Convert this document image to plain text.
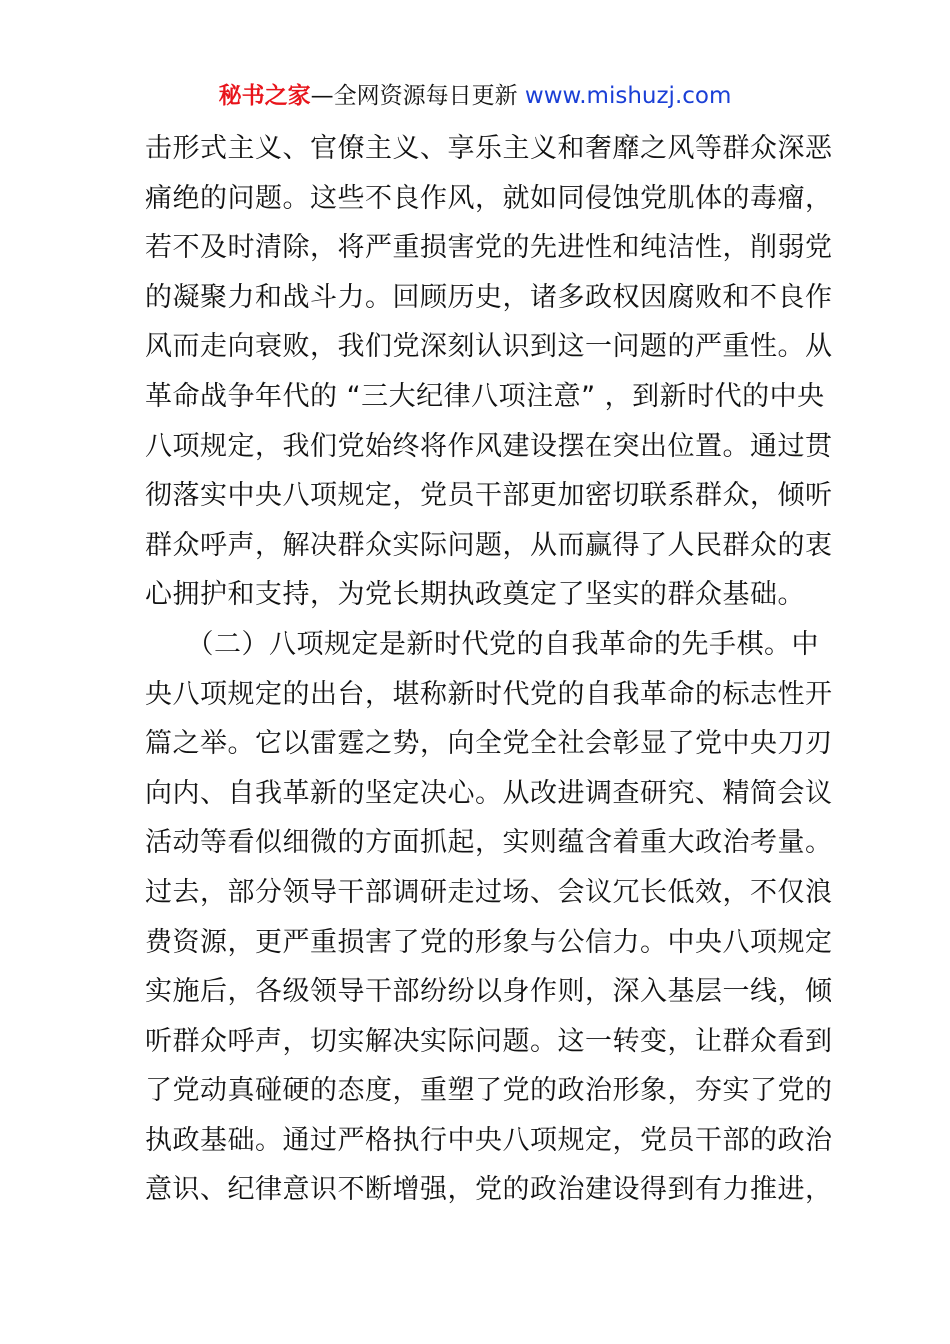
秘书之家—全网资源每日更新 www.mishuzj.com
击形式主义、官僚主义、享乐主义和奢靡之风等群众深恶
痛绝的问题。这些不良作风，就如同侵蚀党肌体的毒瘤，
若不及时清除，将严重损害党的先进性和纯洁性，削弱党
的凝聚力和战斗力。回顾历史，诸多政权因腐败和不良作
风而走向衰败，我们党深刻认识到这一问题的严重性。从
革命战争年代的 “三大纪律八项注意” ，到新时代的中央
八项规定，我们党始终将作风建设摆在突出位置。通过贯
彻落实中央八项规定，党员干部更加密切联系群众，倾听
群众呼声，解决群众实际问题，从而赢得了人民群众的衷
心拥护和支持，为党长期执政奠定了坚实的群众基础。
　　（二）八项规定是新时代党的自我革命的先手棋。中
央八项规定的出台，堪称新时代党的自我革命的标志性开
篇之举。它以雷霆之势，向全党全社会彰显了党中央刀刃
向内、自我革新的坚定决心。从改进调查研究、精简会议
活动等看似细微的方面抓起，实则蕴含着重大政治考量。
过去，部分领导干部调研走过场、会议冗长低效，不仅浪
费资源，更严重损害了党的形象与公信力。中央八项规定
实施后，各级领导干部纷纷以身作则，深入基层一线，倾
听群众呼声，切实解决实际问题。这一转变，让群众看到
了党动真碰硬的态度，重塑了党的政治形象，夯实了党的
执政基础。通过严格执行中央八项规定，党员干部的政治
意识、纪律意识不断增强，党的政治建设得到有力推进，
